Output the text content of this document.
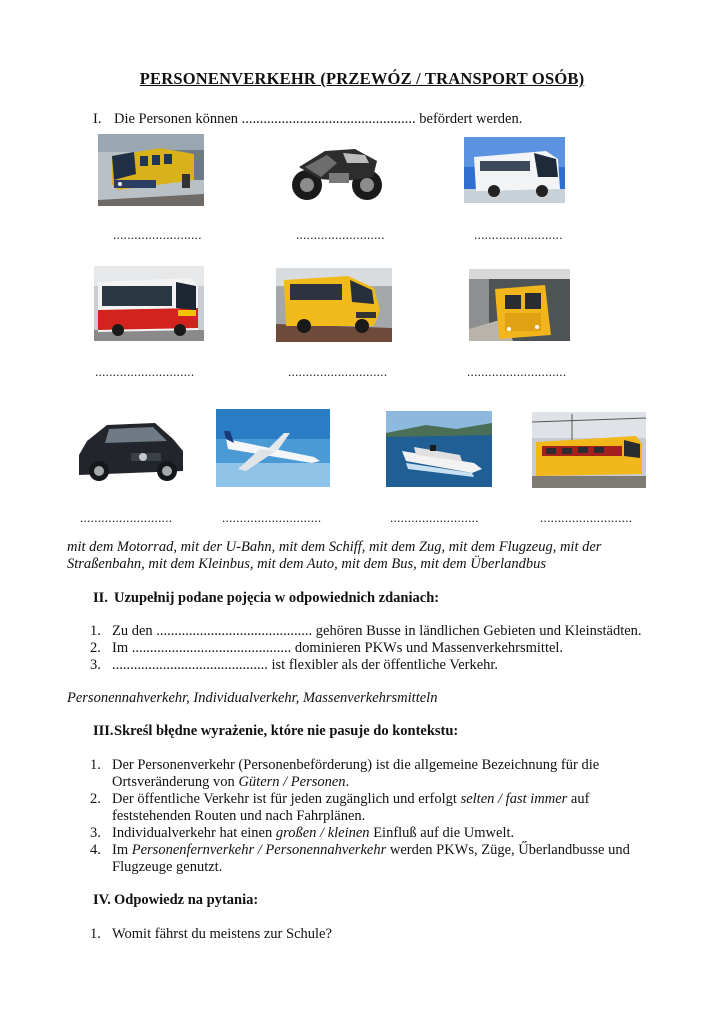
PERSONENVERKEHR (PRZEWÓZ / TRANSPORT OSÓB)
I. Die Personen können ................................................ befördert werden.
.........................	.........................	.........................
............................	............................	............................
..........................	............................	.........................	..........................
mit dem Motorrad, mit der U-Bahn, mit dem Schiff, mit dem Zug, mit dem Flugzeug, mit der
Straßenbahn, mit dem Kleinbus, mit dem Auto, mit dem Bus, mit dem Überlandbus
II. Uzupełnij podane pojęcia w odpowiednich zdaniach:
1. Zu den ........................................... gehören Busse in ländlichen Gebieten und Kleinstädten.
2. Im ............................................ dominieren PKWs und Massenverkehrsmittel.
3. ........................................... ist flexibler als der öffentliche Verkehr.
Personennahverkehr, Individualverkehr, Massenverkehrsmitteln
III.Skreśl błędne wyrażenie, które nie pasuje do kontekstu:
1. Der Personenverkehr (Personenbeförderung) ist die allgemeine Bezeichnung für die
Ortsveränderung von Gütern / Personen.
2. Der öffentliche Verkehr ist für jeden zugänglich und erfolgt selten / fast immer auf
feststehenden Routen und nach Fahrplänen.
3. Individualverkehr hat einen großen / kleinen Einfluß auf die Umwelt.
4. Im Personenfernverkehr / Personennahverkehr werden PKWs, Züge, Űberlandbusse und
Flugzeuge genutzt.
IV. Odpowiedz na pytania:
1. Womit fährst du meistens zur Schule?
